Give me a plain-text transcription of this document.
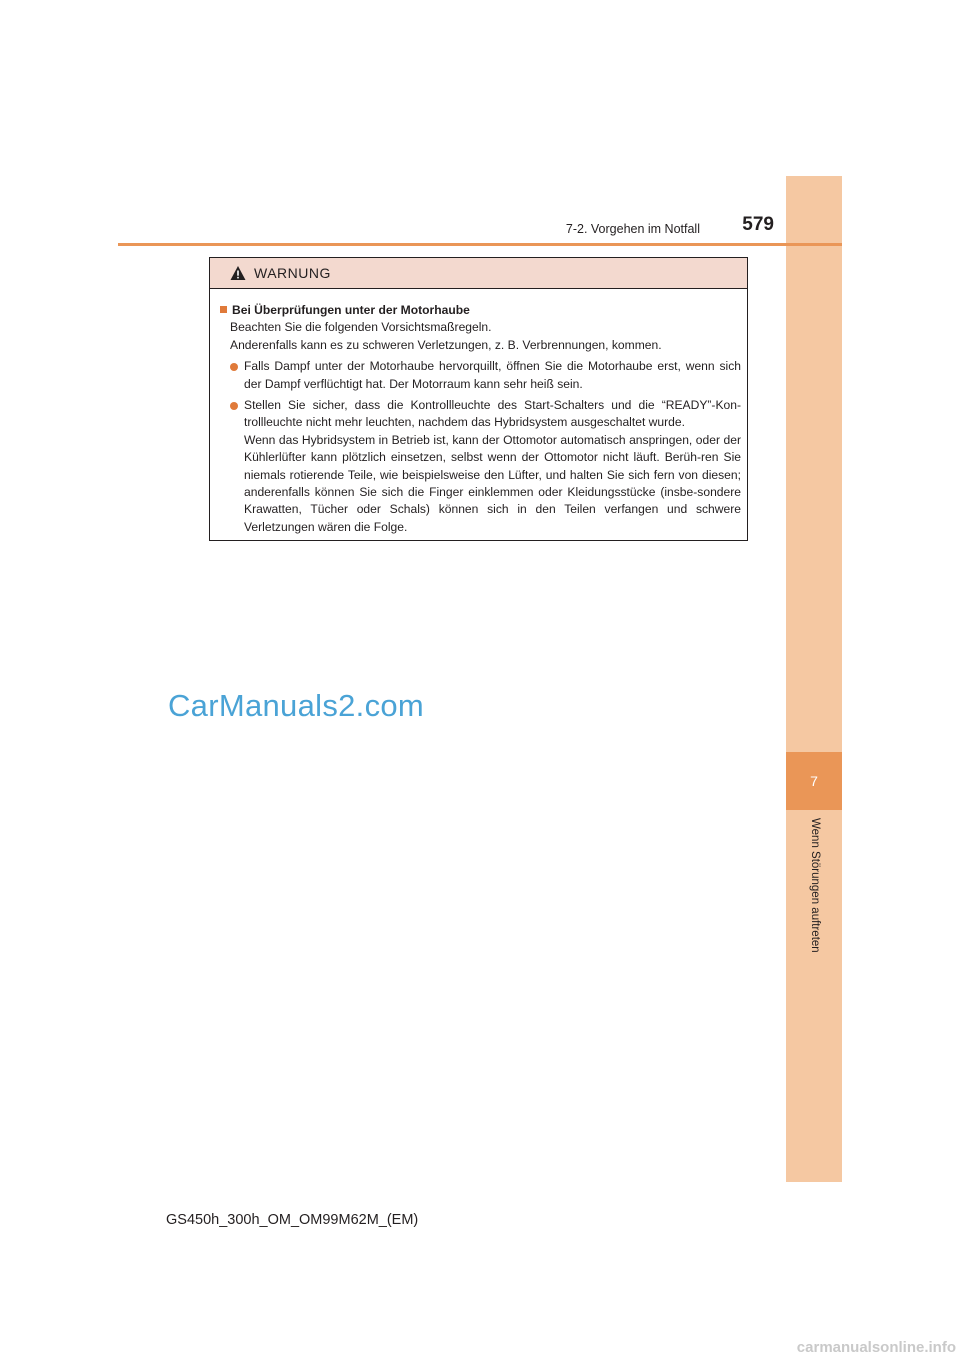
7
Wenn Störungen auftreten
7-2. Vorgehen im Notfall	579
WARNUNG
Bei Überprüfungen unter der Motorhaube
Beachten Sie die folgenden Vorsichtsmaßregeln.
Anderenfalls kann es zu schweren Verletzungen, z. B. Verbrennungen, kommen.
Falls Dampf unter der Motorhaube hervorquillt, öffnen Sie die Motorhaube erst, wenn sich der Dampf verflüchtigt hat. Der Motorraum kann sehr heiß sein.
Stellen Sie sicher, dass die Kontrollleuchte des Start-Schalters und die “READY”-Kon-trollleuchte nicht mehr leuchten, nachdem das Hybridsystem ausgeschaltet wurde.
Wenn das Hybridsystem in Betrieb ist, kann der Ottomotor automatisch anspringen, oder der Kühlerlüfter kann plötzlich einsetzen, selbst wenn der Ottomotor nicht läuft. Berüh-ren Sie niemals rotierende Teile, wie beispielsweise den Lüfter, und halten Sie sich fern von diesen; anderenfalls können Sie sich die Finger einklemmen oder Kleidungsstücke (insbe-sondere Krawatten, Tücher oder Schals) können sich in den Teilen verfangen und schwere Verletzungen wären die Folge.
CarManuals2.com
GS450h_300h_OM_OM99M62M_(EM)
carmanualsonline.info
